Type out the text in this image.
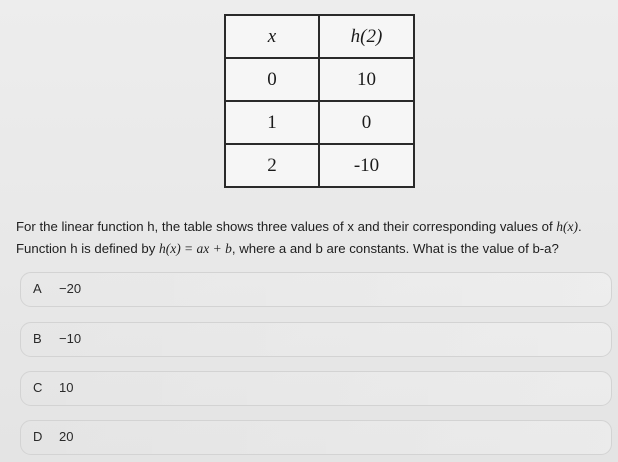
x	h(2)
0	10
1	0
2	-10
For the linear function h, the table shows three values of x and their corresponding values of h(x).
Function h is defined by h(x) = ax + b, where a and b are constants. What is the value of b-a?
A −20
B −10
C 10
D 20
